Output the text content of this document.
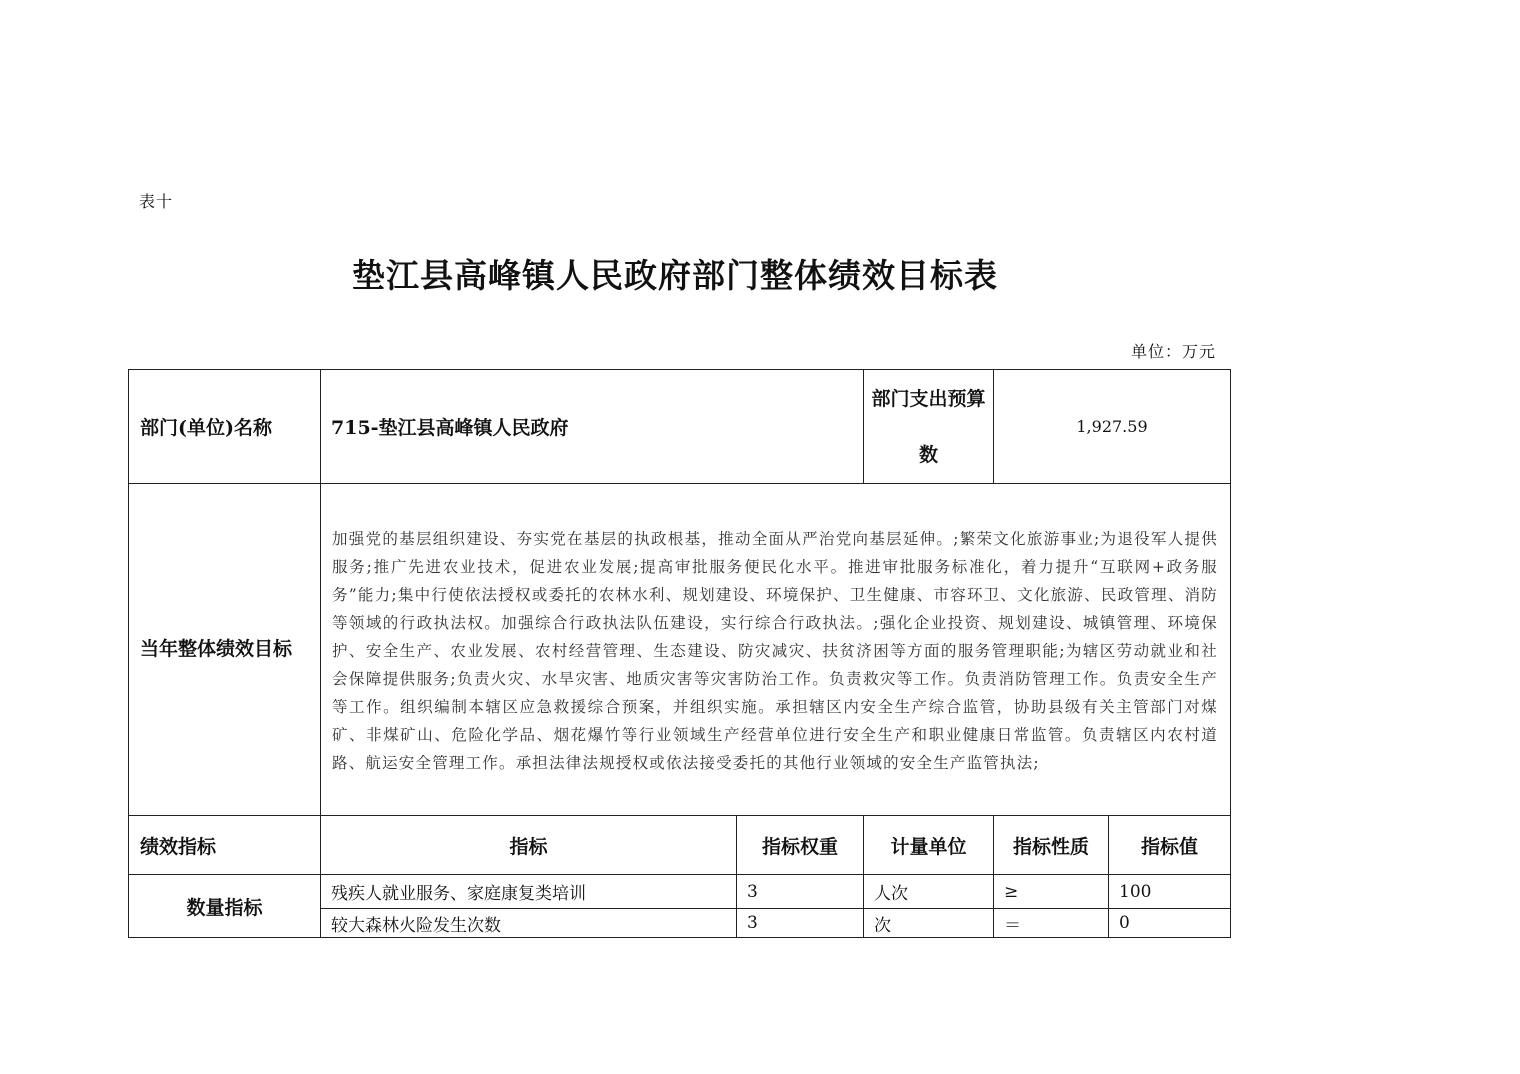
表十
垫江县高峰镇人民政府部门整体绩效目标表
单位：万元
部门(单位)名称	715-垫江县高峰镇人民政府		部门支出预算数	1,927.59	
当年整体绩效目标	加强党的基层组织建设、夯实党在基层的执政根基，推动全面从严治党向基层延伸。;繁荣文化旅游事业;为退役军人提供服务;推广先进农业技术，促进农业发展;提高审批服务便民化水平。推进审批服务标准化，着力提升“互联网+政务服务”能力;集中行使依法授权或委托的农林水利、规划建设、环境保护、卫生健康、市容环卫、文化旅游、民政管理、消防等领域的行政执法权。加强综合行政执法队伍建设，实行综合行政执法。;强化企业投资、规划建设、城镇管理、环境保护、安全生产、农业发展、农村经营管理、生态建设、防灾减灾、扶贫济困等方面的服务管理职能;为辖区劳动就业和社会保障提供服务;负责火灾、水旱灾害、地质灾害等灾害防治工作。负责救灾等工作。负责消防管理工作。负责安全生产等工作。组织编制本辖区应急救援综合预案，并组织实施。承担辖区内安全生产综合监管，协助县级有关主管部门对煤矿、非煤矿山、危险化学品、烟花爆竹等行业领域生产经营单位进行安全生产和职业健康日常监管。负责辖区内农村道路、航运安全管理工作。承担法律法规授权或依法接受委托的其他行业领域的安全生产监管执法;				
绩效指标	指标	指标权重	计量单位	指标性质	指标值
数量指标	残疾人就业服务、家庭康复类培训	3	人次	≥	100
	较大森林火险发生次数	3	次	＝	0
